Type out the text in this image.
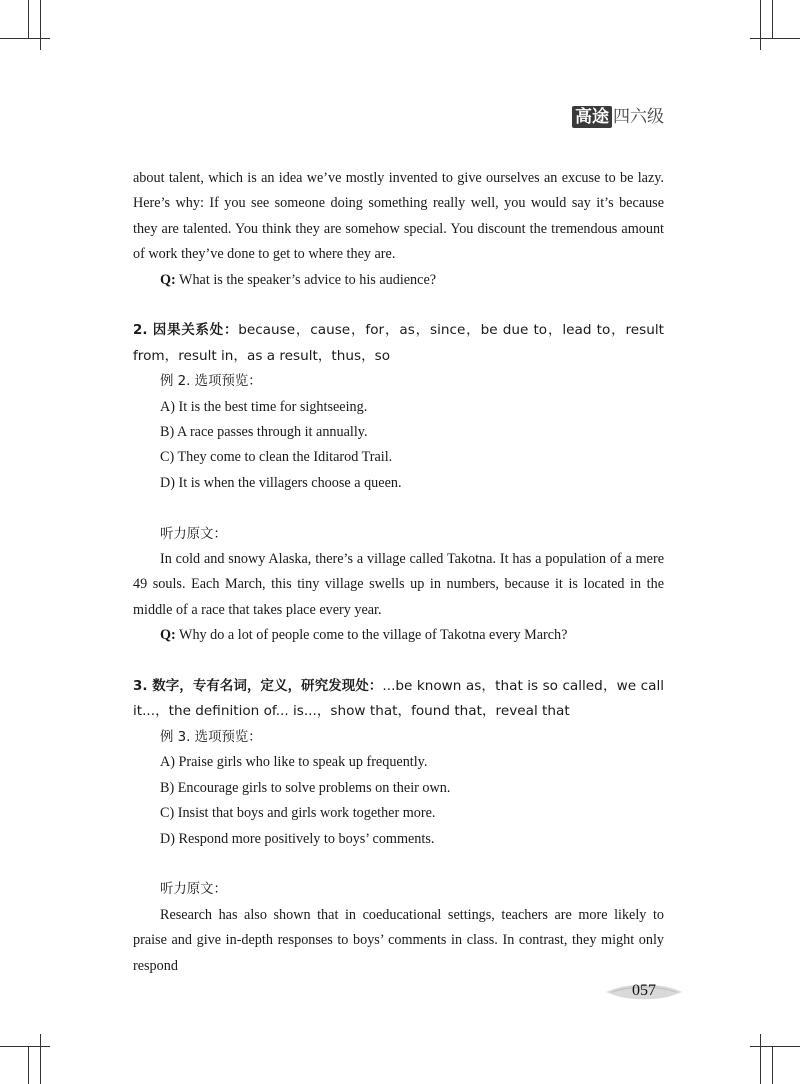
高途 四六级

about talent, which is an idea we’ve mostly invented to give ourselves an excuse to be lazy. Here’s why: If you see someone doing something really well, you would say it’s because they are talented. You think they are somehow special. You discount the tremendous amount of work they’ve done to get to where they are.

Q: What is the speaker’s advice to his audience?

2. 因果关系处：because，cause，for，as，since，be due to，lead to，result from，result in，as a result，thus，so

例 2. 选项预览：

A) It is the best time for sightseeing.

B) A race passes through it annually.

C) They come to clean the Iditarod Trail.

D) It is when the villagers choose a queen.

听力原文：

In cold and snowy Alaska, there’s a village called Takotna. It has a population of a mere 49 souls. Each March, this tiny village swells up in numbers, because it is located in the middle of a race that takes place every year.

Q: Why do a lot of people come to the village of Takotna every March?

3. 数字，专有名词，定义，研究发现处：...be known as，that is so called，we call it...，the definition of... is...，show that，found that，reveal that

例 3. 选项预览：

A) Praise girls who like to speak up frequently.

B) Encourage girls to solve problems on their own.

C) Insist that boys and girls work together more.

D) Respond more positively to boys’ comments.

听力原文：

Research has also shown that in coeducational settings, teachers are more likely to praise and give in-depth responses to boys’ comments in class. In contrast, they might only respond

057
